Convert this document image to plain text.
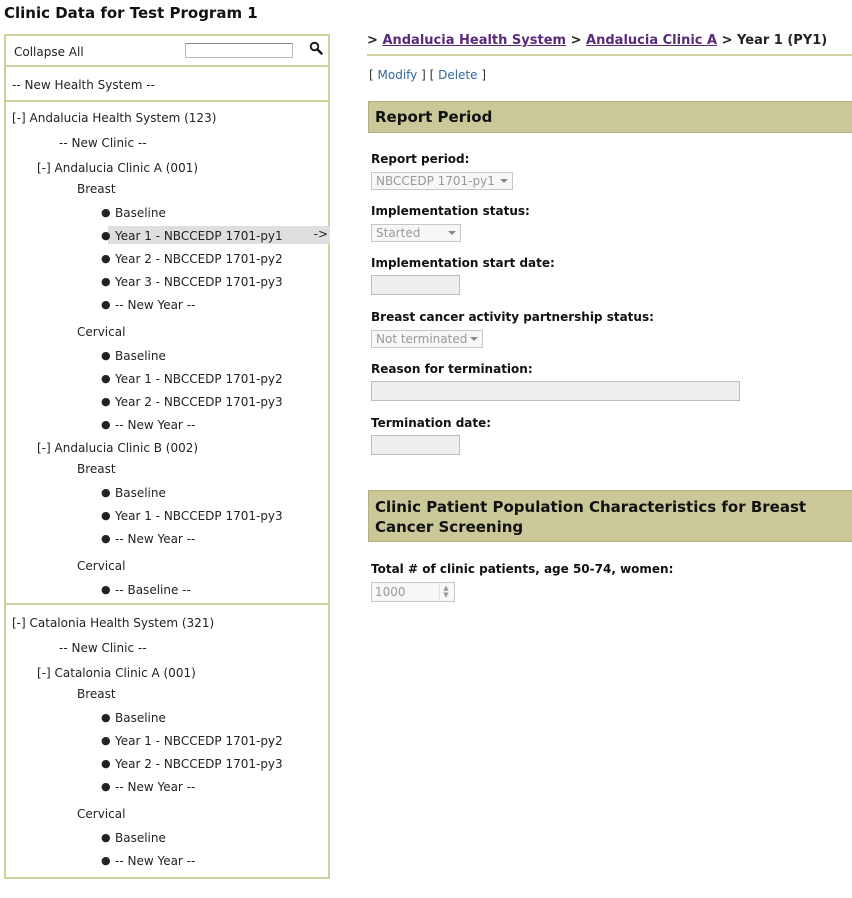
Clinic Data for Test Program 1
Collapse All
-- New Health System --
[-] Andalucia Health System (123)
-- New Clinic --
[-] Andalucia Clinic A (001)
Breast
● Baseline
->
● Year 1 - NBCCEDP 1701-py1
● Year 2 - NBCCEDP 1701-py2
● Year 3 - NBCCEDP 1701-py3
● -- New Year --
Cervical
● Baseline
● Year 1 - NBCCEDP 1701-py2
● Year 2 - NBCCEDP 1701-py3
● -- New Year --
[-] Andalucia Clinic B (002)
Breast
● Baseline
● Year 1 - NBCCEDP 1701-py3
● -- New Year --
Cervical
● -- Baseline --
[-] Catalonia Health System (321)
-- New Clinic --
[-] Catalonia Clinic A (001)
Breast
● Baseline
● Year 1 - NBCCEDP 1701-py2
● Year 2 - NBCCEDP 1701-py3
● -- New Year --
Cervical
● Baseline
● -- New Year --
> Andalucia Health System > Andalucia Clinic A > Year 1 (PY1)
[ Modify ] [ Delete ]
Report Period
Report period:
NBCCEDP 1701-py1
Implementation status:
Started
Implementation start date:
Breast cancer activity partnership status:
Not terminated
Reason for termination:
Termination date:
Clinic Patient Population Characteristics for Breast Cancer Screening
Total # of clinic patients, age 50-74, women:
1000	▲
▼
